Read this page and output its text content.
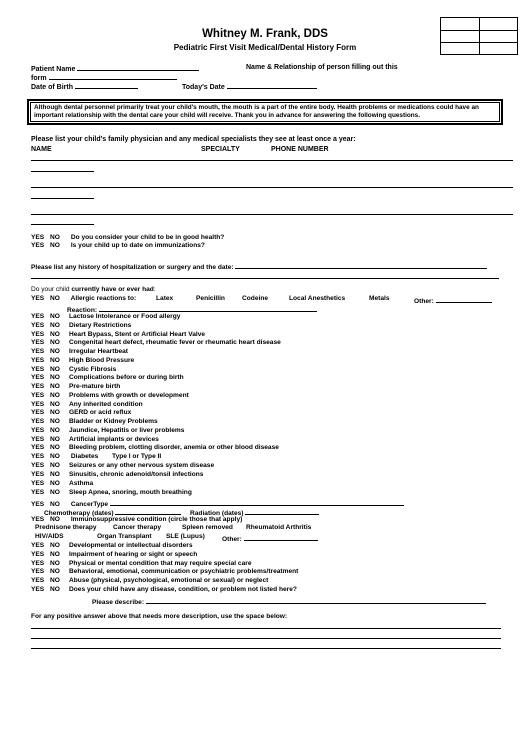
Whitney M. Frank, DDS
Pediatric First Visit Medical/Dental History Form
Patient Name	Name & Relationship of person filling out this
form
Date of Birth	Today's Date
Although dental personnel primarily treat your child's mouth, the mouth is a part of the entire body. Health problems or medications could have an important relationship with the dental care your child will receive. Thank you in advance for answering the following questions.
Please list your child's family physician and any medical specialists they see at least once a year:
NAME	SPECIALTY	PHONE NUMBER
YES NO Do you consider your child to be in good health?
YES NO Is your child up to date on immunizations?
Please list any history of hospitalization or surgery and the date:
Do your child currently have or ever had:
YES NO Allergic reactions to:	Latex	Penicillin	Codeine	Local Anesthetics	Metals	Other:
Reaction:
YES NO Lactose Intolerance or Food allergy
YES NO Dietary Restrictions
YES NO Heart Bypass, Stent or Artificial Heart Valve
YES NO Congenital heart defect, rheumatic fever or rheumatic heart disease
YES NO Irregular Heartbeat
YES NO High Blood Pressure
YES NO Cystic Fibrosis
YES NO Complications before or during birth
YES NO Pre-mature birth
YES NO Problems with growth or development
YES NO Any inherited condition
YES NO GERD or acid reflux
YES NO Bladder or Kidney Problems
YES NO Jaundice, Hepatitis or liver problems
YES NO Artificial implants or devices
YES NO Bleeding problem, clotting disorder, anemia or other blood disease
YES NO Diabetes Type I or Type II
YES NO Seizures or any other nervous system disease
YES NO Sinusitis, chronic adenoid/tonsil infections
YES NO Asthma
YES NO Sleep Apnea, snoring, mouth breathing
YES NO CancerType
Chemotherapy (dates)	Radiation (dates)
YES NO Immunosuppressive condition (circle those that apply)
Prednisone therapy Cancer therapy	Spleen removed Rheumatoid Arthritis
HIV/AIDS	Organ Transplant SLE (Lupus)	Other:
YES NO Developmental or intellectual disorders
YES NO Impairment of hearing or sight or speech
YES NO Physical or mental condition that may require special care
YES NO Behavioral, emotional, communication or psychiatric problems/treatment
YES NO Abuse (physical, psychological, emotional or sexual) or neglect
YES NO Does your child have any disease, condition, or problem not listed here?
Please describe:
For any positive answer above that needs more description, use the space below:
